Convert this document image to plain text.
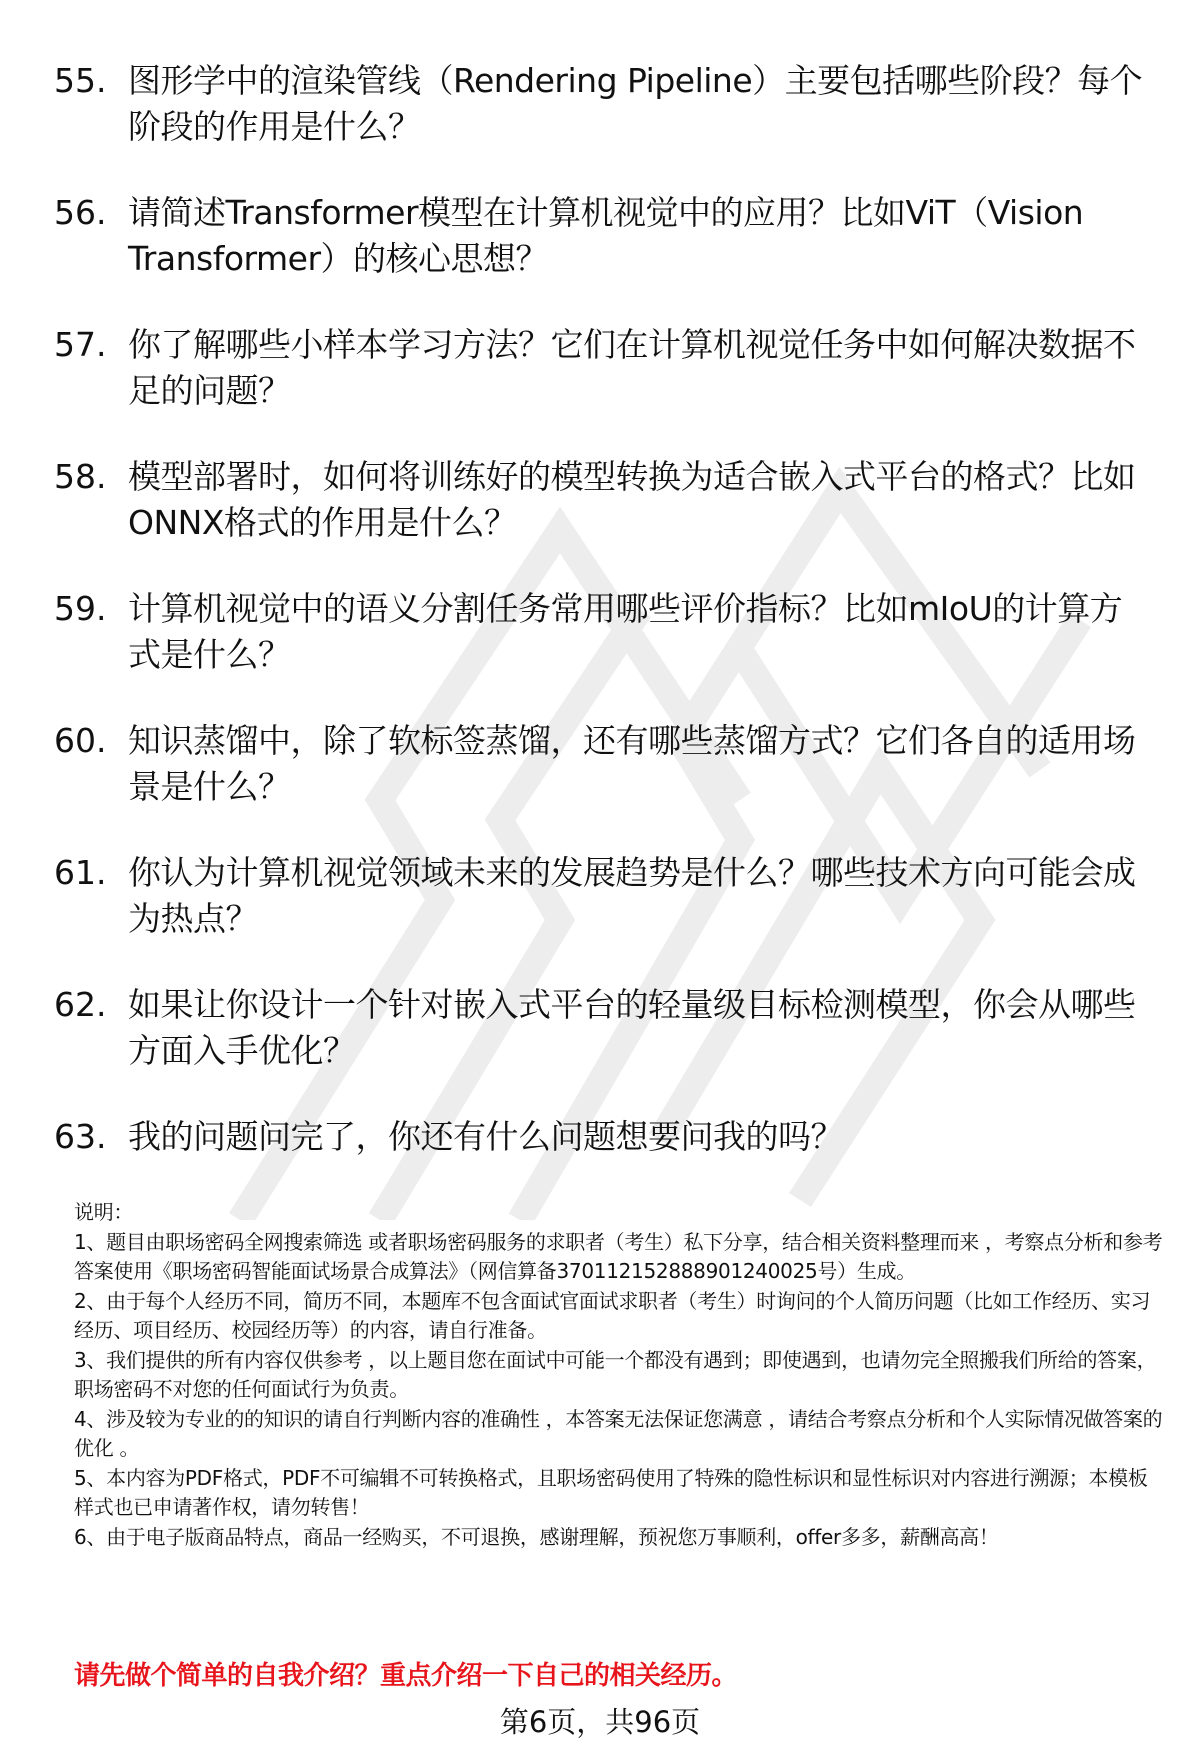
55. 图形学中的渲染管线（Rendering Pipeline）主要包括哪些阶段？每个阶段的作用是什么？
56. 请简述Transformer模型在计算机视觉中的应用？比如ViT（Vision Transformer）的核心思想？
57. 你了解哪些小样本学习方法？它们在计算机视觉任务中如何解决数据不足的问题？
58. 模型部署时，如何将训练好的模型转换为适合嵌入式平台的格式？比如ONNX格式的作用是什么？
59. 计算机视觉中的语义分割任务常用哪些评价指标？比如mIoU的计算方式是什么？
60. 知识蒸馏中，除了软标签蒸馏，还有哪些蒸馏方式？它们各自的适用场景是什么？
61. 你认为计算机视觉领域未来的发展趋势是什么？哪些技术方向可能会成为热点？
62. 如果让你设计一个针对嵌入式平台的轻量级目标检测模型，你会从哪些方面入手优化？
63. 我的问题问完了，你还有什么问题想要问我的吗？

说明：

1、题目由职场密码全网搜索筛选 或者职场密码服务的求职者（考生）私下分享，结合相关资料整理而来 ，考察点分析和参考答案使用《职场密码智能面试场景合成算法》（网信算备370112152888901240025号）生成。

2、由于每个人经历不同，简历不同，本题库不包含面试官面试求职者（考生）时询问的个人简历问题（比如工作经历、实习经历、项目经历、校园经历等）的内容，请自行准备。

3、我们提供的所有内容仅供参考 ，以上题目您在面试中可能一个都没有遇到；即使遇到，也请勿完全照搬我们所给的答案，职场密码不对您的任何面试行为负责。

4、涉及较为专业的的知识的请自行判断内容的准确性 ，本答案无法保证您满意 ，请结合考察点分析和个人实际情况做答案的优化 。

5、本内容为PDF格式，PDF不可编辑不可转换格式，且职场密码使用了特殊的隐性标识和显性标识对内容进行溯源；本模板样式也已申请著作权，请勿转售！

6、由于电子版商品特点，商品一经购买，不可退换，感谢理解，预祝您万事顺利，offer多多，薪酬高高！

请先做个简单的自我介绍？重点介绍一下自己的相关经历。
第6页，共96页
